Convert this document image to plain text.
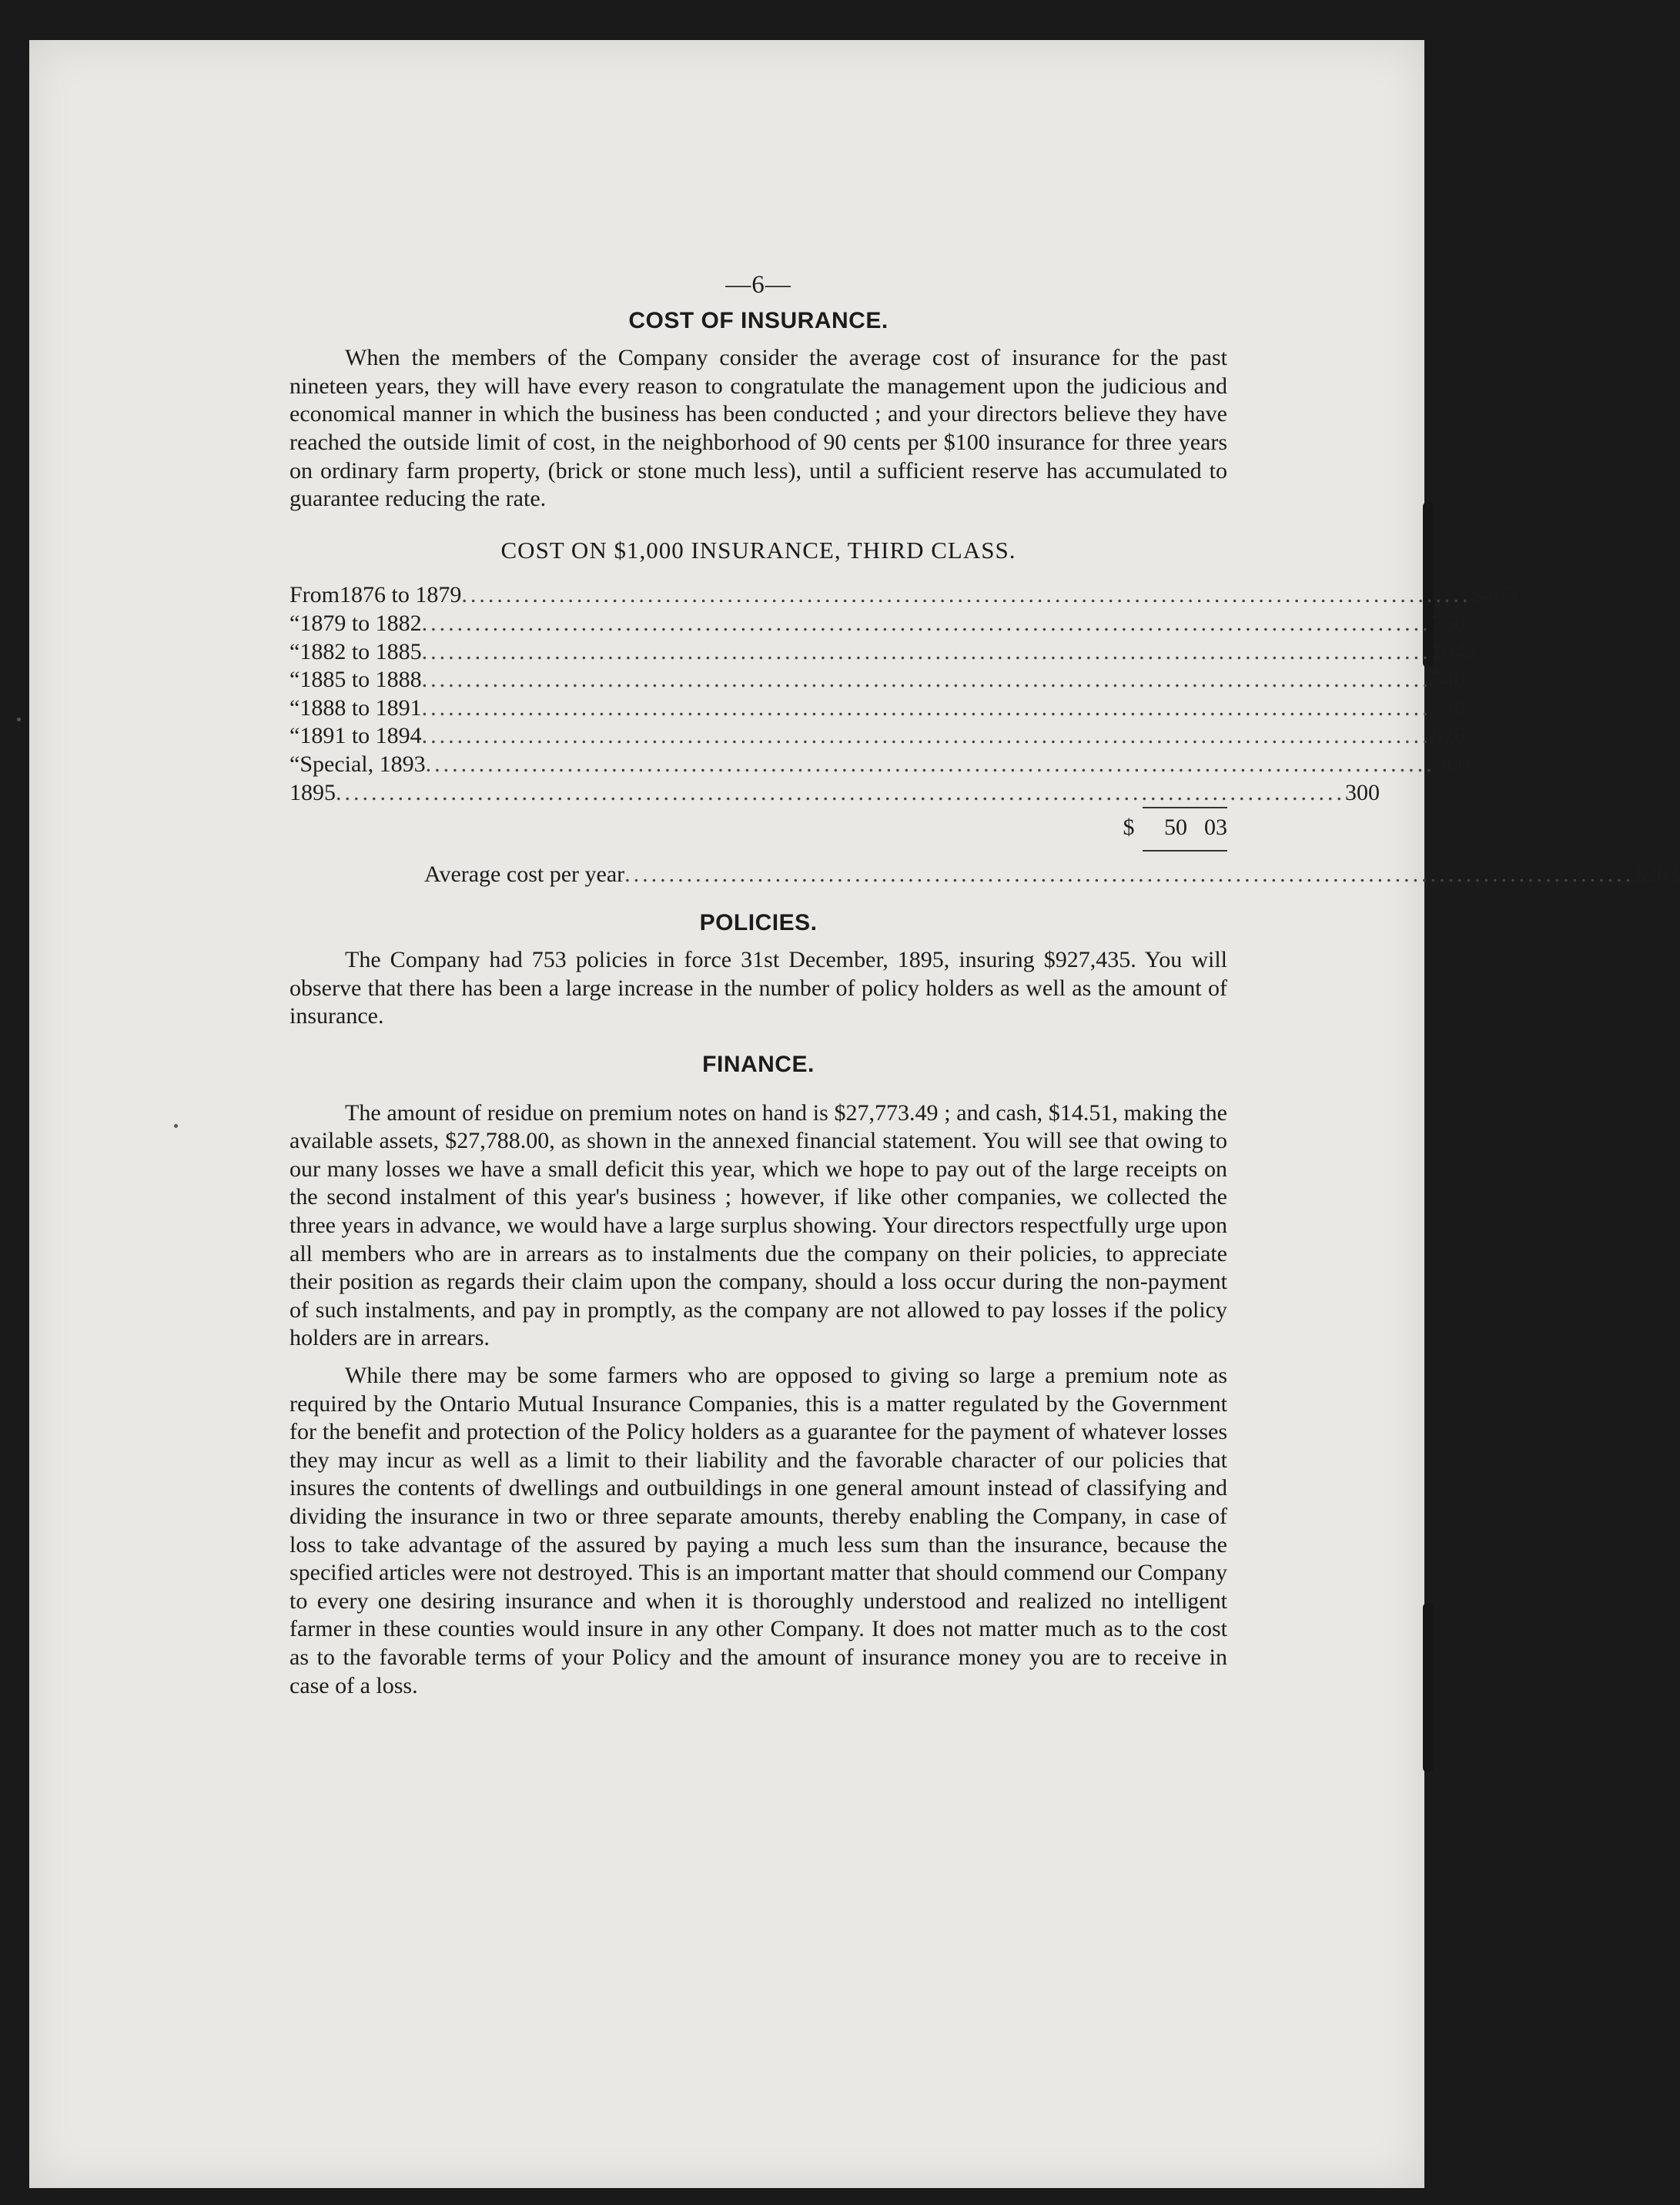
—6—
COST OF INSURANCE.

When the members of the Company consider the average cost of insurance for the past nineteen years, they will have every reason to congratulate the management upon the judicious and economical manner in which the business has been conducted ; and your directors believe they have reached the outside limit of cost, in the neighborhood of 90 cents per $100 insurance for three years on ordinary farm property, (brick or stone much less), until a sufficient reserve has accumulated to guarantee reducing the rate.

COST ON $1,000 INSURANCE, THIRD CLASS.
From 1876 to 1879 .................................................................................................................. $ 4 65
“ 1879 to 1882 .................................................................................................................. 7 50
“ 1882 to 1885 .................................................................................................................. 10 42
“ 1885 to 1888 .................................................................................................................. 5 40
“ 1888 to 1891 .................................................................................................................. 7 20
“ 1891 to 1894 .................................................................................................................. 8 26
“ Special, 1893 .................................................................................................................. 3 60
1895 .................................................................................................................. 3 00
$	50 03
Average cost per year .................................................................................................................. $ 2 63
POLICIES.

The Company had 753 policies in force 31st December, 1895, insuring $927,435. You will observe that there has been a large increase in the number of policy holders as well as the amount of insurance.

FINANCE.

The amount of residue on premium notes on hand is $27,773.49 ; and cash, $14.51, making the available assets, $27,788.00, as shown in the annexed financial statement. You will see that owing to our many losses we have a small deficit this year, which we hope to pay out of the large receipts on the second instalment of this year's business ; however, if like other companies, we collected the three years in advance, we would have a large surplus showing. Your directors respectfully urge upon all members who are in arrears as to instalments due the company on their policies, to appreciate their position as regards their claim upon the company, should a loss occur during the non-payment of such instalments, and pay in promptly, as the company are not allowed to pay losses if the policy holders are in arrears.

While there may be some farmers who are opposed to giving so large a premium note as required by the Ontario Mutual Insurance Companies, this is a matter regulated by the Government for the benefit and protection of the Policy holders as a guarantee for the payment of whatever losses they may incur as well as a limit to their liability and the favorable character of our policies that insures the contents of dwellings and outbuildings in one general amount instead of classifying and dividing the insurance in two or three separate amounts, thereby enabling the Company, in case of loss to take advantage of the assured by paying a much less sum than the insurance, because the specified articles were not destroyed. This is an important matter that should commend our Company to every one desiring insurance and when it is thoroughly understood and realized no intelligent farmer in these counties would insure in any other Company. It does not matter much as to the cost as to the favorable terms of your Policy and the amount of insurance money you are to receive in case of a loss.
